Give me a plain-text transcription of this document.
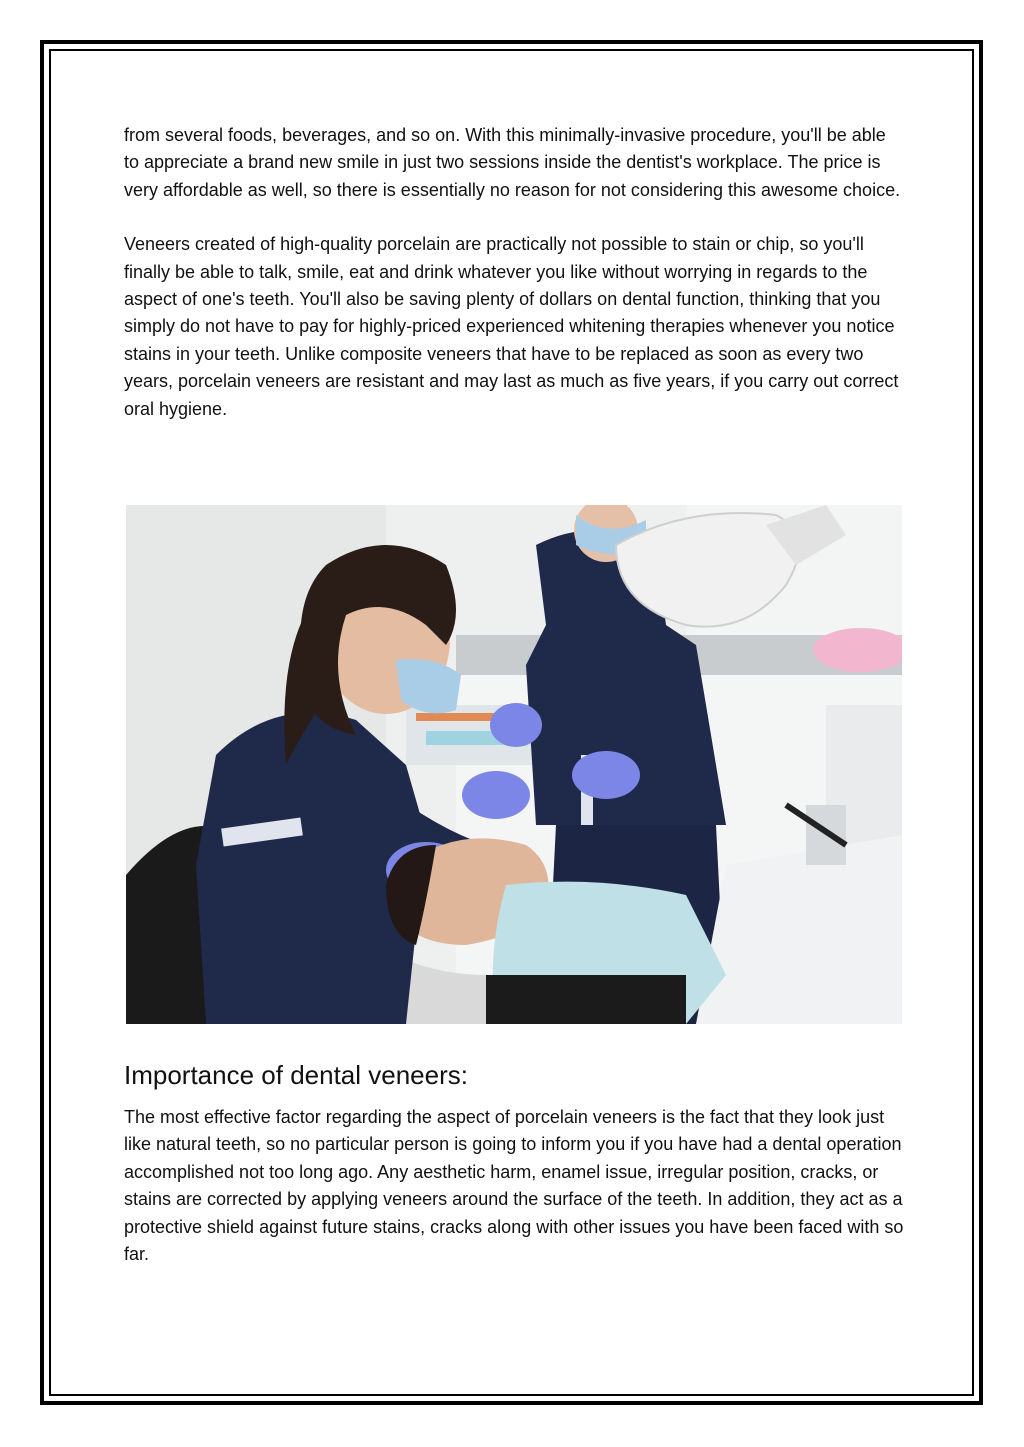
from several foods, beverages, and so on. With this minimally-invasive procedure, you'll be able to appreciate a brand new smile in just two sessions inside the dentist's workplace. The price is very affordable as well, so there is essentially no reason for not considering this awesome choice.

Veneers created of high-quality porcelain are practically not possible to stain or chip, so you'll finally be able to talk, smile, eat and drink whatever you like without worrying in regards to the aspect of one's teeth. You'll also be saving plenty of dollars on dental function, thinking that you simply do not have to pay for highly-priced experienced whitening therapies whenever you notice stains in your teeth. Unlike composite veneers that have to be replaced as soon as every two years, porcelain veneers are resistant and may last as much as five years, if you carry out correct oral hygiene.

Importance of dental veneers:

The most effective factor regarding the aspect of porcelain veneers is the fact that they look just like natural teeth, so no particular person is going to inform you if you have had a dental operation accomplished not too long ago. Any aesthetic harm, enamel issue, irregular position, cracks, or stains are corrected by applying veneers around the surface of the teeth. In addition, they act as a protective shield against future stains, cracks along with other issues you have been faced with so far.
